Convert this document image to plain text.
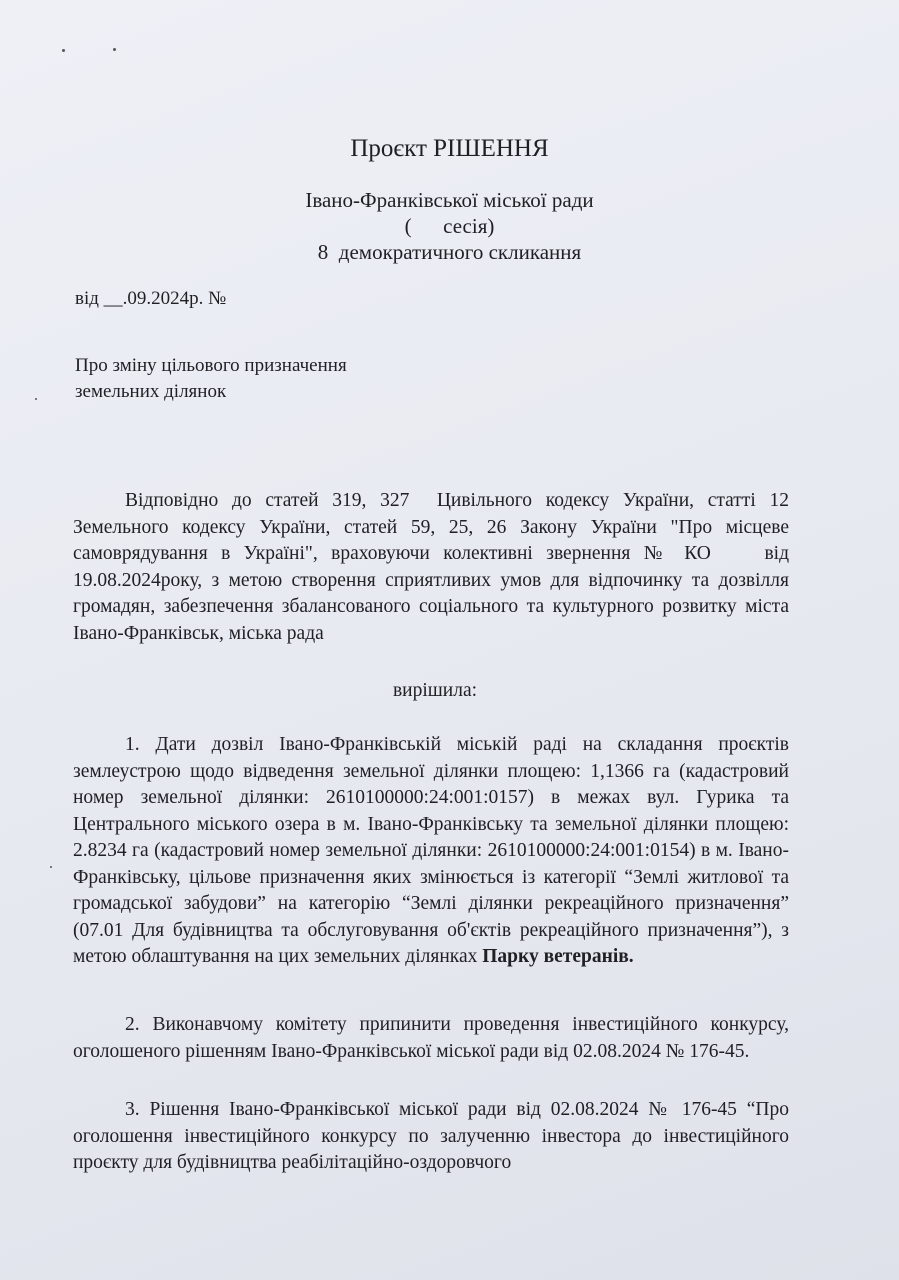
Проєкт РІШЕННЯ
Івано-Франківської міської ради
(      сесія)
8  демократичного скликання
від __.09.2024р. №
Про зміну цільового призначення
земельних ділянок

Відповідно до статей 319, 327  Цивільного кодексу України, статті 12 Земельного кодексу України, статей 59, 25, 26 Закону України "Про місцеве самоврядування в Україні", враховуючи колективні звернення № КО    від 19.08.2024року, з метою створення сприятливих умов для відпочинку та дозвілля громадян, забезпечення збалансованого соціального та культурного розвитку міста Івано-Франківськ, міська рада

вирішила:

1. Дати дозвіл Івано-Франківській міській раді на складання проєктів землеустрою щодо відведення земельної ділянки площею: 1,1366 га (кадастровий номер земельної ділянки: 2610100000:24:001:0157) в межах вул. Гурика та Центрального міського озера в м. Івано-Франківську та земельної ділянки площею: 2.8234 га (кадастровий номер земельної ділянки: 2610100000:24:001:0154) в м. Івано-Франківську, цільове призначення яких змінюється із категорії “Землі житлової та громадської забудови” на категорію “Землі ділянки рекреаційного призначення” (07.01 Для будівництва та обслуговування об'єктів рекреаційного призначення”), з метою облаштування на цих земельних ділянках Парку ветеранів.

2. Виконавчому комітету припинити проведення інвестиційного конкурсу, оголошеного рішенням Івано-Франківської міської ради від 02.08.2024 № 176-45.

3. Рішення Івано-Франківської міської ради від 02.08.2024 № 176-45 “Про оголошення інвестиційного конкурсу по залученню інвестора до інвестиційного проєкту для будівництва реабілітаційно-оздоровчого
